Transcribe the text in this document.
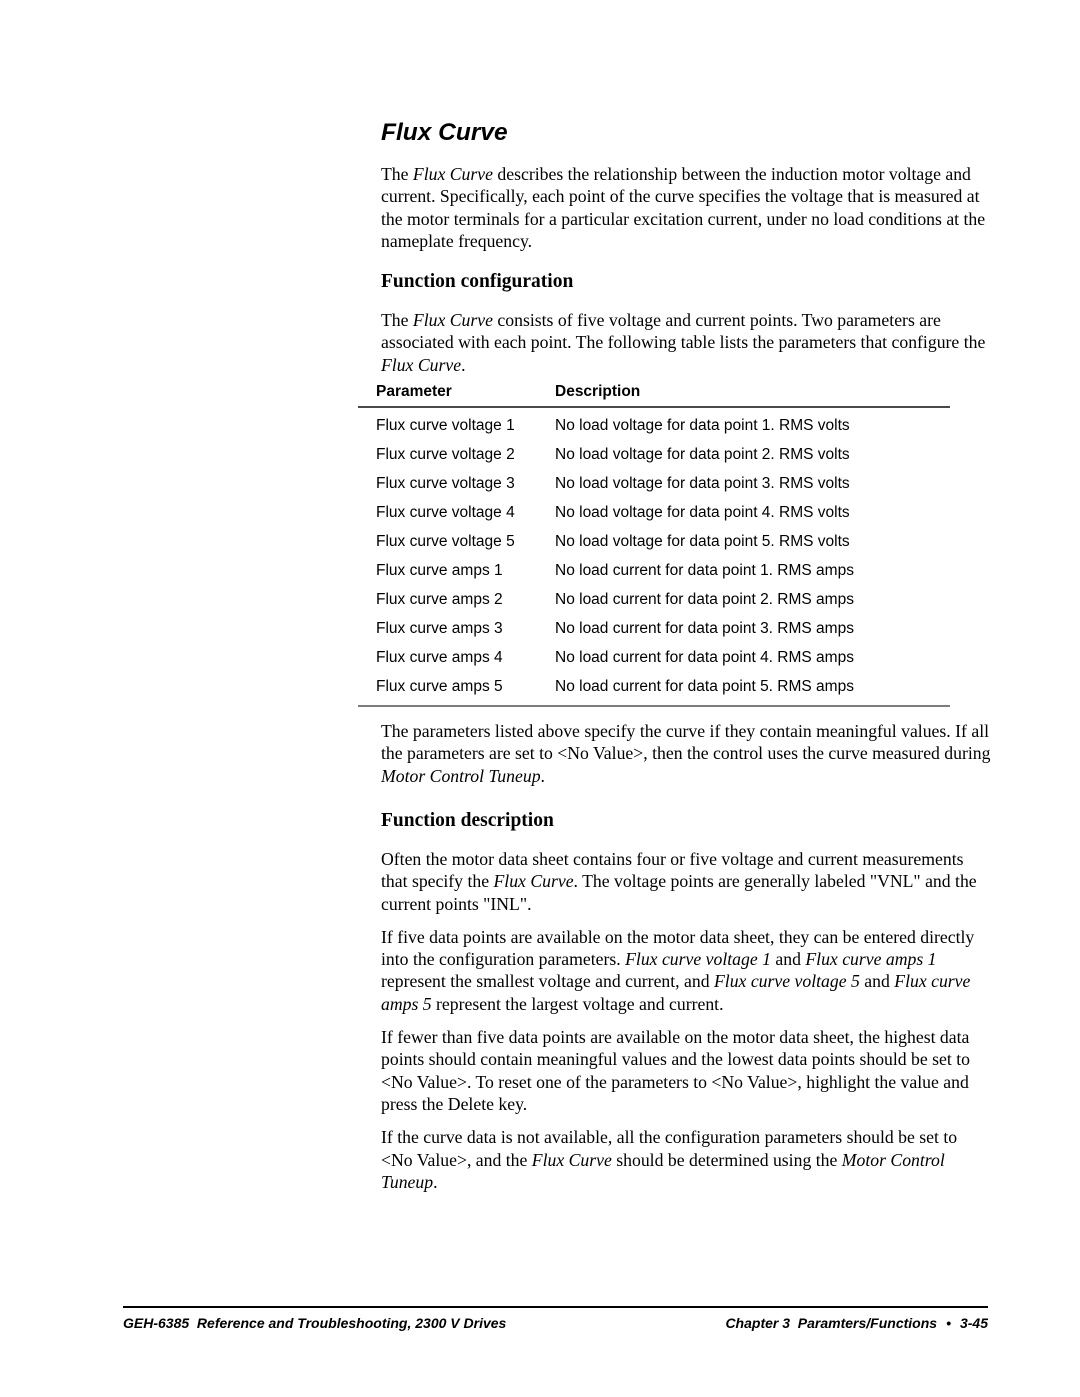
Flux Curve

The Flux Curve describes the relationship between the induction motor voltage and current. Specifically, each point of the curve specifies the voltage that is measured at the motor terminals for a particular excitation current, under no load conditions at the nameplate frequency.

Function configuration

The Flux Curve consists of five voltage and current points. Two parameters are associated with each point. The following table lists the parameters that configure the Flux Curve.

Parameter	Description
Flux curve voltage 1	No load voltage for data point 1. RMS volts
Flux curve voltage 2	No load voltage for data point 2. RMS volts
Flux curve voltage 3	No load voltage for data point 3. RMS volts
Flux curve voltage 4	No load voltage for data point 4. RMS volts
Flux curve voltage 5	No load voltage for data point 5. RMS volts
Flux curve amps 1	No load current for data point 1. RMS amps
Flux curve amps 2	No load current for data point 2. RMS amps
Flux curve amps 3	No load current for data point 3. RMS amps
Flux curve amps 4	No load current for data point 4. RMS amps
Flux curve amps 5	No load current for data point 5. RMS amps

The parameters listed above specify the curve if they contain meaningful values. If all the parameters are set to <No Value>, then the control uses the curve measured during Motor Control Tuneup.

Function description

Often the motor data sheet contains four or five voltage and current measurements that specify the Flux Curve. The voltage points are generally labeled "VNL" and the current points "INL".

If five data points are available on the motor data sheet, they can be entered directly into the configuration parameters. Flux curve voltage 1 and Flux curve amps 1 represent the smallest voltage and current, and Flux curve voltage 5 and Flux curve amps 5 represent the largest voltage and current.

If fewer than five data points are available on the motor data sheet, the highest data points should contain meaningful values and the lowest data points should be set to <No Value>. To reset one of the parameters to <No Value>, highlight the value and press the Delete key.

If the curve data is not available, all the configuration parameters should be set to <No Value>, and the Flux Curve should be determined using the Motor Control Tuneup.

GEH-6385  Reference and Troubleshooting, 2300 V Drives	Chapter 3  Paramters/Functions • 3-45
